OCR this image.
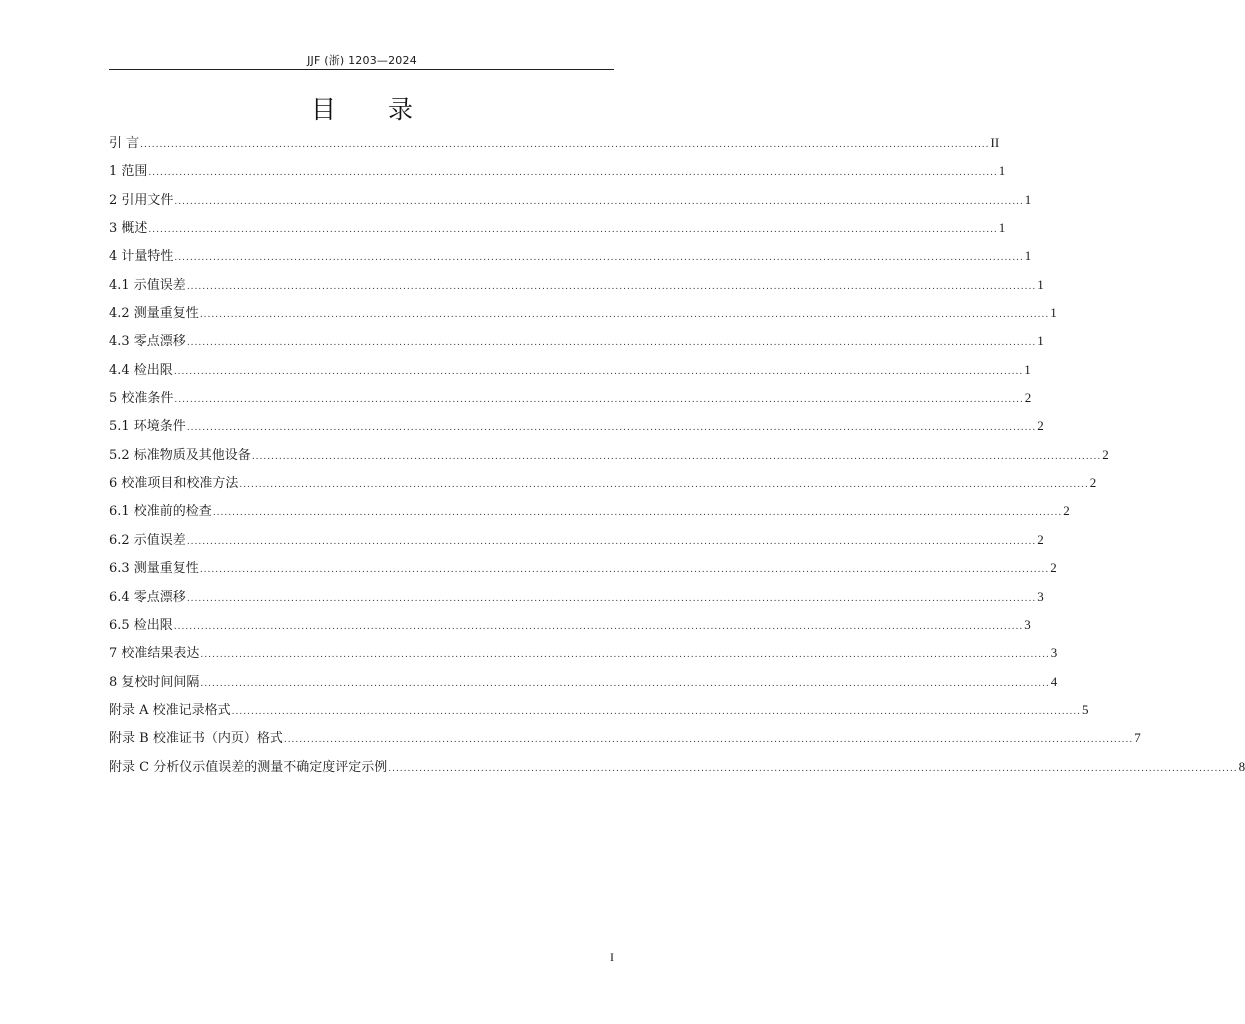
JJF (浙) 1203—2024
目 录
引 言 ............................................................................................................................................................................................................................ II
1 范围 ............................................................................................................................................................................................................................ 1
2 引用文件 ............................................................................................................................................................................................................................ 1
3 概述 ............................................................................................................................................................................................................................ 1
4 计量特性 ............................................................................................................................................................................................................................ 1
4.1 示值误差 ............................................................................................................................................................................................................................ 1
4.2 测量重复性 ............................................................................................................................................................................................................................ 1
4.3 零点漂移 ............................................................................................................................................................................................................................ 1
4.4 检出限 ............................................................................................................................................................................................................................ 1
5 校准条件 ............................................................................................................................................................................................................................ 2
5.1 环境条件 ............................................................................................................................................................................................................................ 2
5.2 标准物质及其他设备 ............................................................................................................................................................................................................................ 2
6 校准项目和校准方法 ............................................................................................................................................................................................................................ 2
6.1 校准前的检查 ............................................................................................................................................................................................................................ 2
6.2 示值误差 ............................................................................................................................................................................................................................ 2
6.3 测量重复性 ............................................................................................................................................................................................................................ 2
6.4 零点漂移 ............................................................................................................................................................................................................................ 3
6.5 检出限 ............................................................................................................................................................................................................................ 3
7 校准结果表达 ............................................................................................................................................................................................................................ 3
8 复校时间间隔 ............................................................................................................................................................................................................................ 4
附录 A 校准记录格式 ............................................................................................................................................................................................................................ 5
附录 B 校准证书（内页）格式 ............................................................................................................................................................................................................................ 7
附录 C 分析仪示值误差的测量不确定度评定示例 ............................................................................................................................................................................................................................ 8
I
